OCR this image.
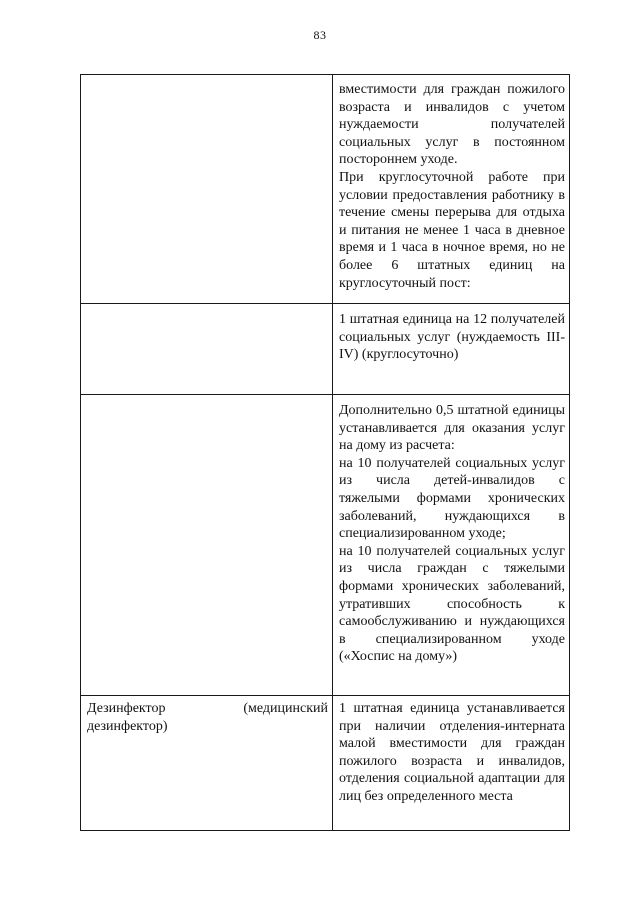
83

	вместимости для граждан пожилого возраста и инвалидов с учетом нуждаемости получателей социальных услуг в постоянном постороннем уходе.

При круглосуточной работе при условии предоставления работнику в течение смены перерыва для отдыха и питания не менее 1 часа в дневное время и 1 часа в ночное время, но не более 6 штатных единиц на круглосуточный пост:

	1 штатная единица на 12 получателей социальных услуг (нуждаемость III-IV) (круглосуточно)

	Дополнительно 0,5 штатной единицы устанавливается для оказания услуг на дому из расчета:

на 10 получателей социальных услуг из числа детей-инвалидов с тяжелыми формами хронических заболеваний, нуждающихся в специализированном уходе;

на 10 получателей социальных услуг из числа граждан с тяжелыми формами хронических заболеваний, утративших способность к самообслуживанию и нуждающихся в специализированном уходе («Хоспис на дому»)

Дезинфектор (медицинский дезинфектор)	1 штатная единица устанавливается при наличии отделения-интерната малой вместимости для граждан пожилого возраста и инвалидов, отделения социальной адаптации для лиц без определенного места
